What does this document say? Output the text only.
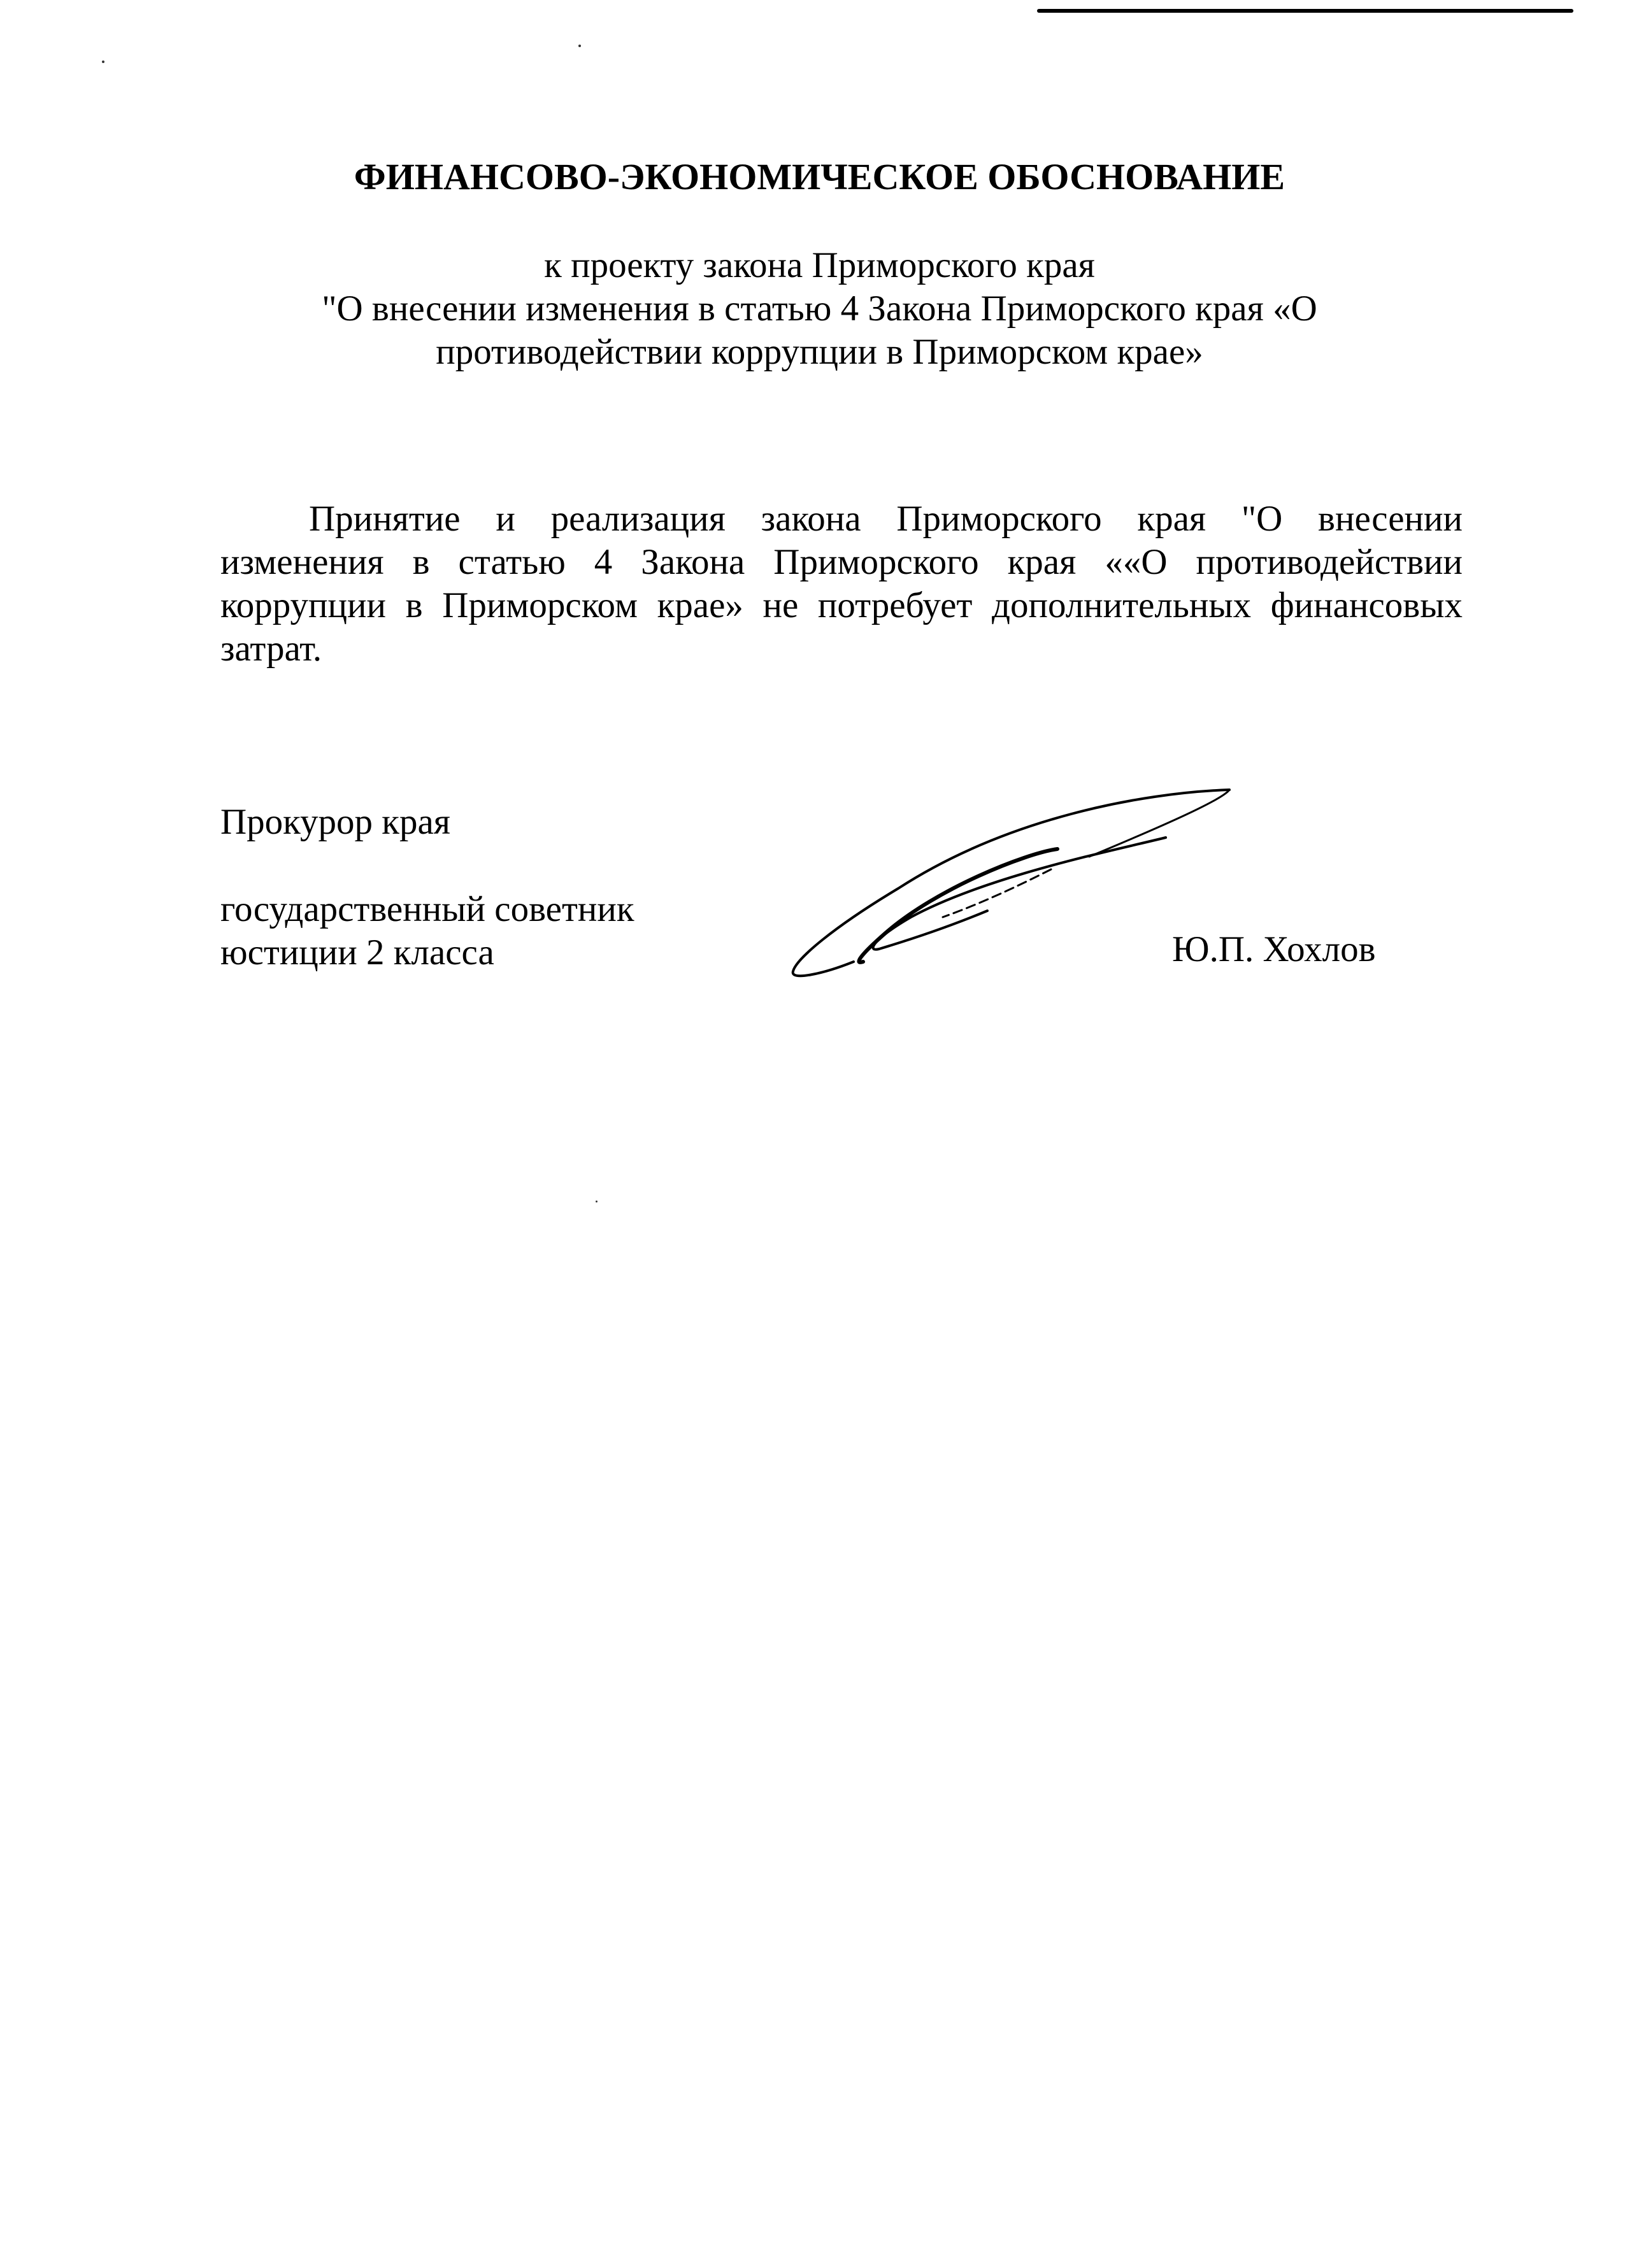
ФИНАНСОВО-ЭКОНОМИЧЕСКОЕ ОБОСНОВАНИЕ
к проекту закона Приморского края
"О внесении изменения в статью 4 Закона Приморского края «О
противодействии коррупции в Приморском крае»
Принятие и реализация закона Приморского края "О внесении
изменения в статью 4 Закона Приморского края ««О противодействии
коррупции в Приморском крае» не потребует дополнительных финансовых
затрат.
Прокурор края
государственный советник
юстиции 2 класса	Ю.П. Хохлов
